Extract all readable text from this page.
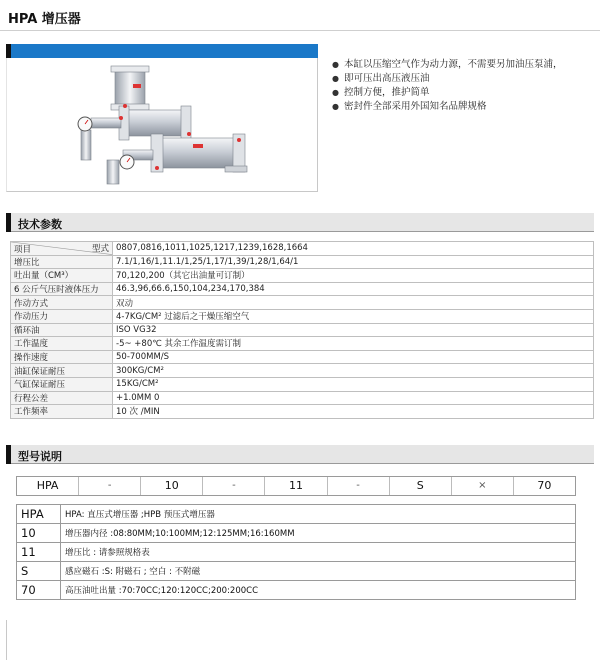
HPA 增压器
● 本缸以压缩空气作为动力源，不需要另加油压泵浦，
● 即可压出高压液压油
● 控制方便，推护简单
● 密封件全部采用外国知名品牌规格
技术参数
型式
项目	0807,0816,1011,1025,1217,1239,1628,1664
增压比	7.1/1,16/1,11.1/1,25/1,17/1,39/1,28/1,64/1
吐出量（CM³）	70,120,200（其它出油量可订制）
6 公斤气压时液体压力	46.3,96,66.6,150,104,234,170,384
作动方式	双动
作动压力	4-7KG/CM² 过滤后之干燥压缩空气
循环油	ISO VG32
工作温度	-5~ +80℃ 其余工作温度需订制
操作速度	50-700MM/S
油缸保证耐压	300KG/CM²
气缸保证耐压	15KG/CM²
行程公差	+1.0MM 0
工作频率	10 次 /MIN
型号说明
HPA	-	10	-	11	-	S	×	70
HPA	HPA: 直压式增压器 ;HPB 预压式增压器
10	增压器内径 :08:80MM;10:100MM;12:125MM;16:160MM
11	增压比 : 请参照规格表
S	感应磁石 :S: 附磁石 ; 空白 : 不附磁
70	高压油吐出量 :70:70CC;120:120CC;200:200CC
